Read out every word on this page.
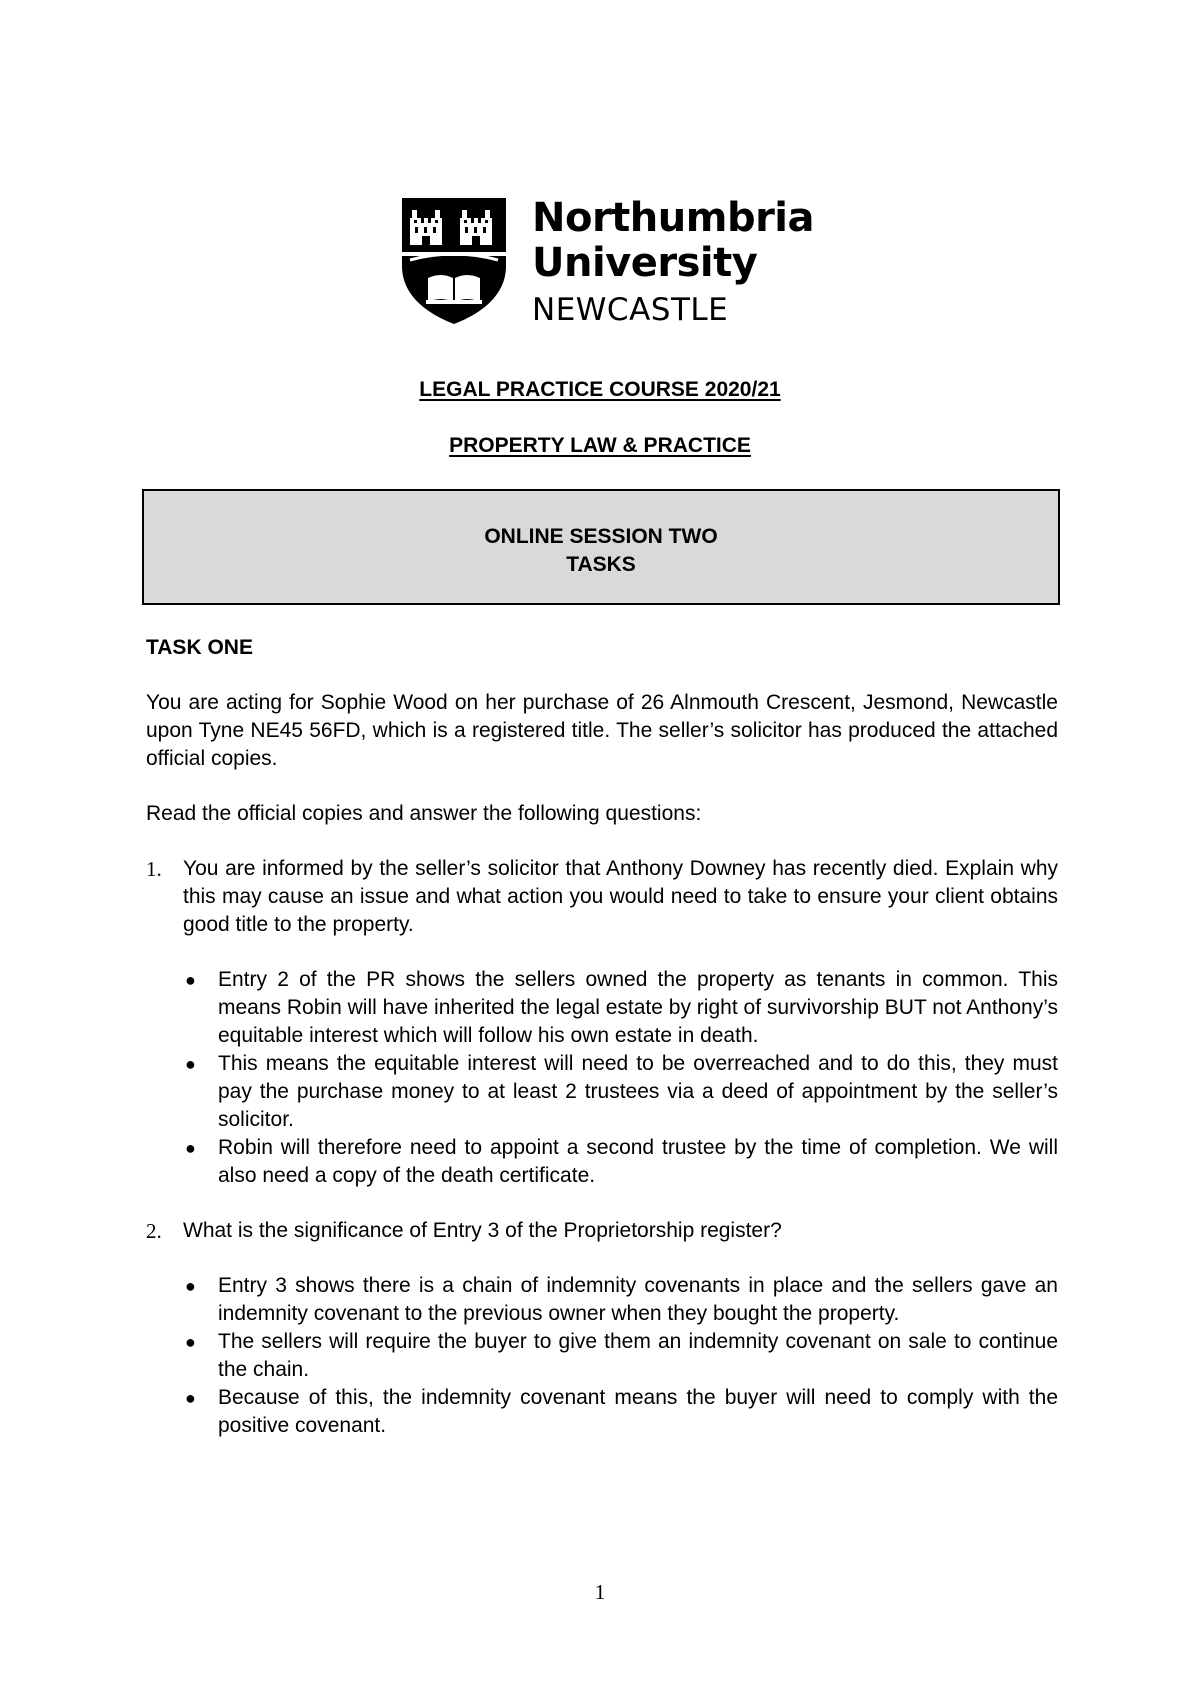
Northumbria
University
NEWCASTLE
LEGAL PRACTICE COURSE 2020/21
PROPERTY LAW & PRACTICE
ONLINE SESSION TWO
TASKS
TASK ONE

You are acting for Sophie Wood on her purchase of 26 Alnmouth Crescent, Jesmond, Newcastle upon Tyne NE45 56FD, which is a registered title. The seller’s solicitor has produced the attached official copies.

Read the official copies and answer the following questions:

1. You are informed by the seller’s solicitor that Anthony Downey has recently died. Explain why this may cause an issue and what action you would need to take to ensure your client obtains good title to the property.
● Entry 2 of the PR shows the sellers owned the property as tenants in common. This means Robin will have inherited the legal estate by right of survivorship BUT not Anthony’s equitable interest which will follow his own estate in death.
● This means the equitable interest will need to be overreached and to do this, they must pay the purchase money to at least 2 trustees via a deed of appointment by the seller’s solicitor.
● Robin will therefore need to appoint a second trustee by the time of completion. We will also need a copy of the death certificate.
2. What is the significance of Entry 3 of the Proprietorship register?
● Entry 3 shows there is a chain of indemnity covenants in place and the sellers gave an indemnity covenant to the previous owner when they bought the property.
● The sellers will require the buyer to give them an indemnity covenant on sale to continue the chain.
● Because of this, the indemnity covenant means the buyer will need to comply with the positive covenant.
1
